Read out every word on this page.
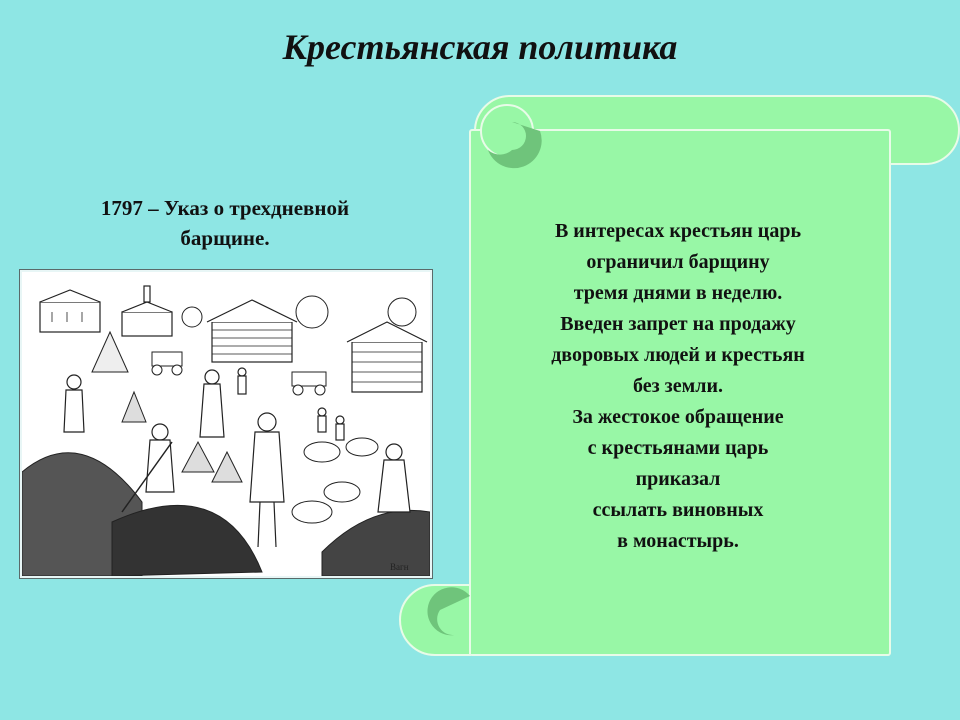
Крестьянская политика
1797 – Указ о трехдневной
барщине.
Вагн
В интересах крестьян царь
ограничил барщину
тремя днями в неделю.
Введен запрет на продажу
дворовых людей и крестьян
без земли.
За жестокое обращение
с крестьянами царь
приказал
ссылать виновных
в монастырь.
